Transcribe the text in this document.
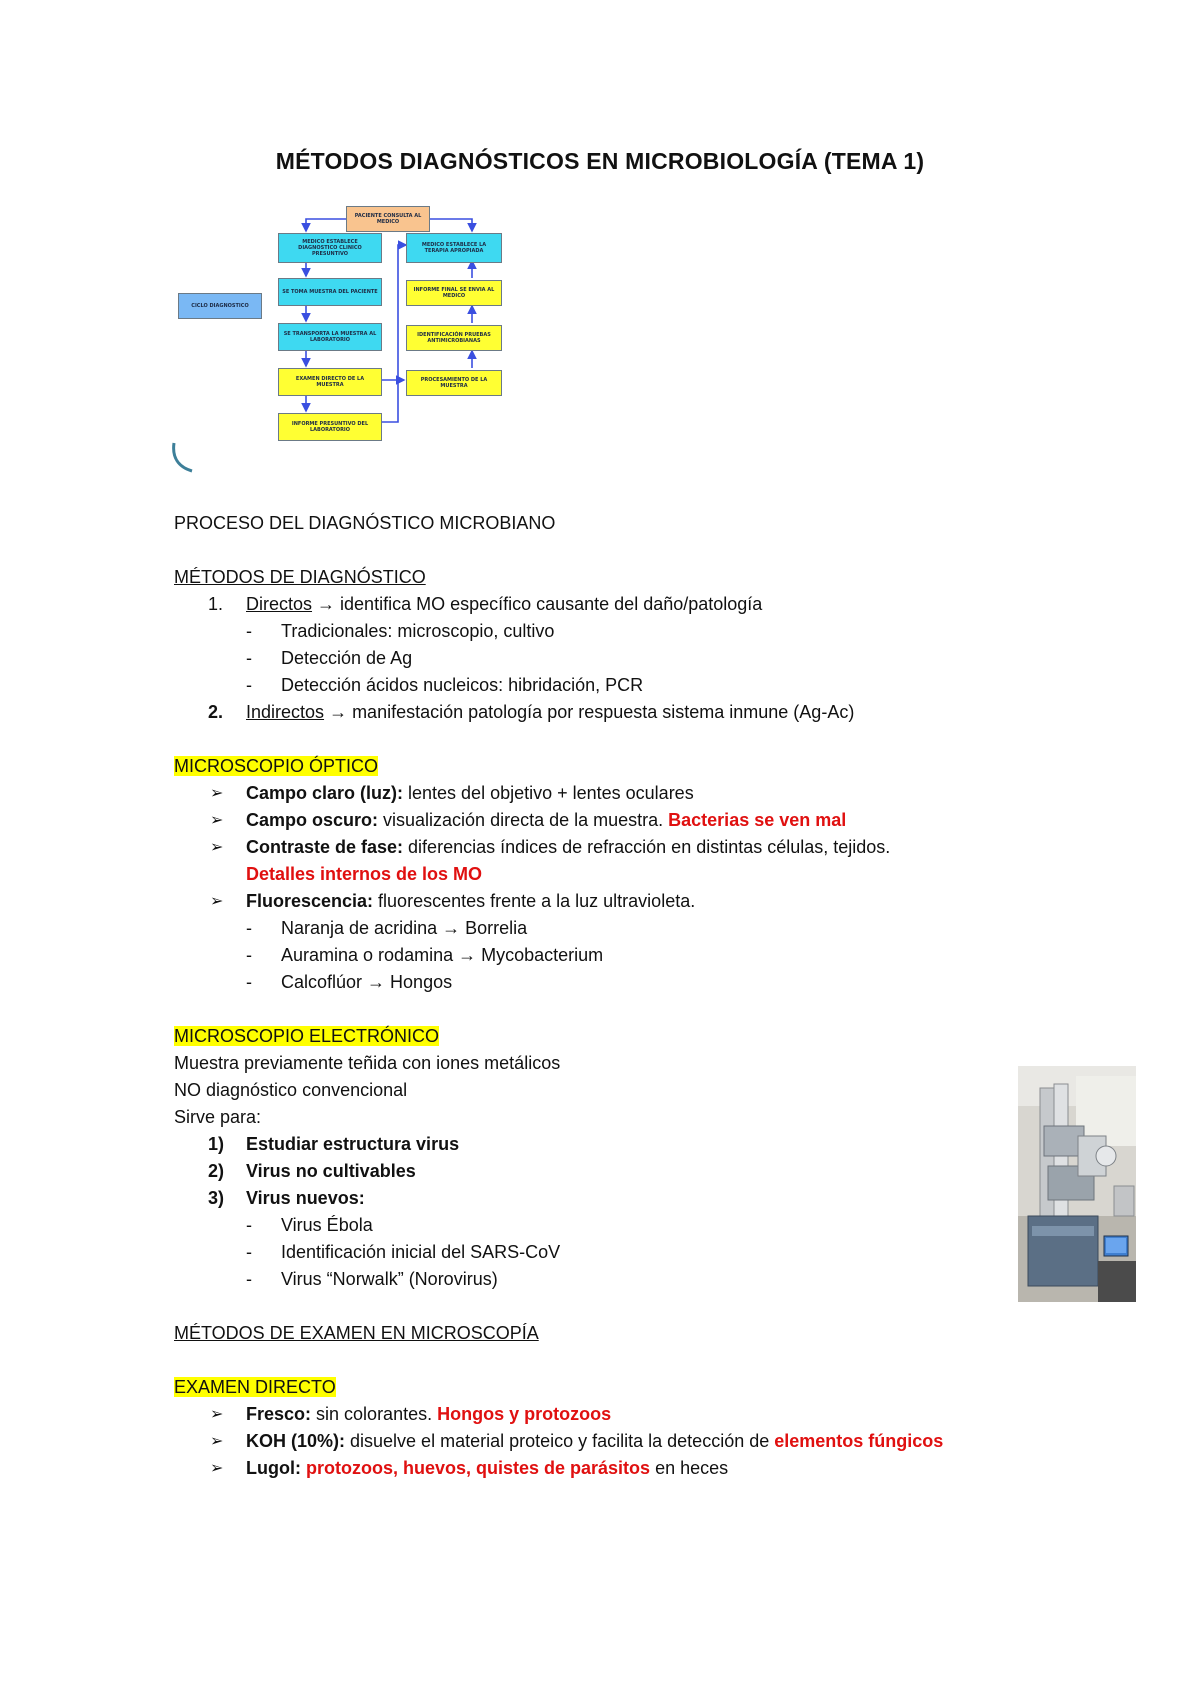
MÉTODOS DIAGNÓSTICOS EN MICROBIOLOGÍA (TEMA 1)
PACIENTE CONSULTA AL MEDICO
MEDICO ESTABLECE DIAGNOSTICO CLINICO PRESUNTIVO
SE TOMA MUESTRA DEL PACIENTE
SE TRANSPORTA LA MUESTRA AL LABORATORIO
EXAMEN DIRECTO DE LA MUESTRA
INFORME PRESUNTIVO DEL LABORATORIO
MEDICO ESTABLECE LA TERAPIA APROPIADA
INFORME FINAL SE ENVIA AL MEDICO
IDENTIFICACIÓN PRUEBAS ANTIMICROBIANAS
PROCESAMIENTO DE LA MUESTRA
CICLO DIAGNOSTICO
PROCESO DEL DIAGNÓSTICO MICROBIANO
MÉTODOS DE DIAGNÓSTICO
1. Directos → identifica MO específico causante del daño/patología
- Tradicionales: microscopio, cultivo
- Detección de Ag
- Detección ácidos nucleicos: hibridación, PCR
2. Indirectos → manifestación patología por respuesta sistema inmune (Ag-Ac)
MICROSCOPIO ÓPTICO
➢ Campo claro (luz): lentes del objetivo + lentes oculares
➢ Campo oscuro: visualización directa de la muestra. Bacterias se ven mal
➢ Contraste de fase: diferencias índices de refracción en distintas células, tejidos.
Detalles internos de los MO
➢ Fluorescencia: fluorescentes frente a la luz ultravioleta.
- Naranja de acridina → Borrelia
- Auramina o rodamina → Mycobacterium
- Calcoflúor → Hongos
MICROSCOPIO ELECTRÓNICO
Muestra previamente teñida con iones metálicos
NO diagnóstico convencional
Sirve para:
1) Estudiar estructura virus
2) Virus no cultivables
3) Virus nuevos:
- Virus Ébola
- Identificación inicial del SARS-CoV
- Virus “Norwalk” (Norovirus)
MÉTODOS DE EXAMEN EN MICROSCOPÍA
EXAMEN DIRECTO
➢ Fresco: sin colorantes. Hongos y protozoos
➢ KOH (10%): disuelve el material proteico y facilita la detección de elementos fúngicos
➢ Lugol: protozoos, huevos, quistes de parásitos en heces
